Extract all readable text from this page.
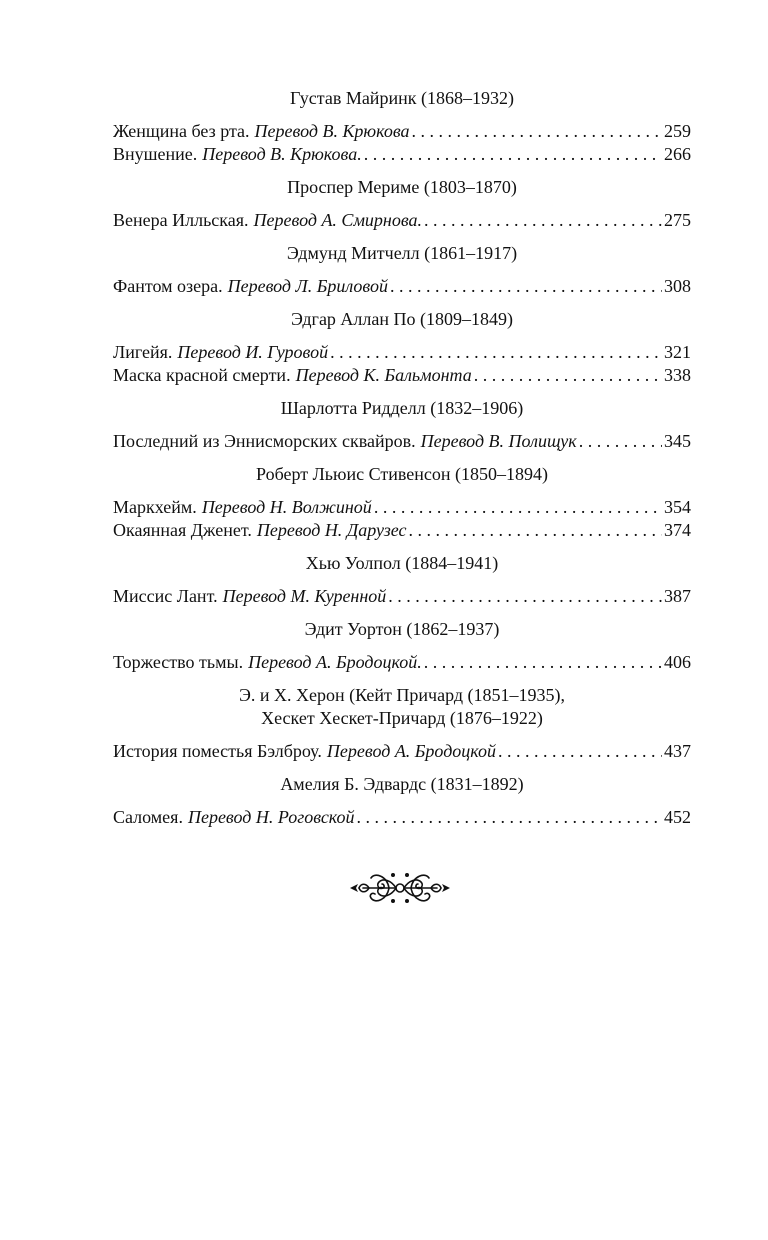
Густав Майринк (1868–1932)
Женщина без рта. Перевод В. Крюкова . . .	259
Внушение. Перевод В. Крюкова. . . .	266
Проспер Мериме (1803–1870)
Венера Илльская. Перевод А. Смирнова. . . .	275
Эдмунд Митчелл (1861–1917)
Фантом озера. Перевод Л. Бриловой . . .	308
Эдгар Аллан По (1809–1849)
Лигейя. Перевод И. Гуровой . . .	321
Маска красной смерти. Перевод К. Бальмонта . . .	338
Шарлотта Ридделл (1832–1906)
Последний из Эннисморских сквайров. Перевод В. Полищук . . .	345
Роберт Льюис Стивенсон (1850–1894)
Маркхейм. Перевод Н. Волжиной . . .	354
Окаянная Дженет. Перевод Н. Дарузес . . .	374
Хью Уолпол (1884–1941)
Миссис Лант. Перевод М. Куренной . . .	387
Эдит Уортон (1862–1937)
Торжество тьмы. Перевод А. Бродоцкой. . . .	406
Э. и Х. Херон (Кейт Причард (1851–1935),
Хескет Хескет-Причард (1876–1922)
История поместья Бэлброу. Перевод А. Бродоцкой . . .	437
Амелия Б. Эдвардс (1831–1892)
Саломея. Перевод Н. Роговской . . .	452
